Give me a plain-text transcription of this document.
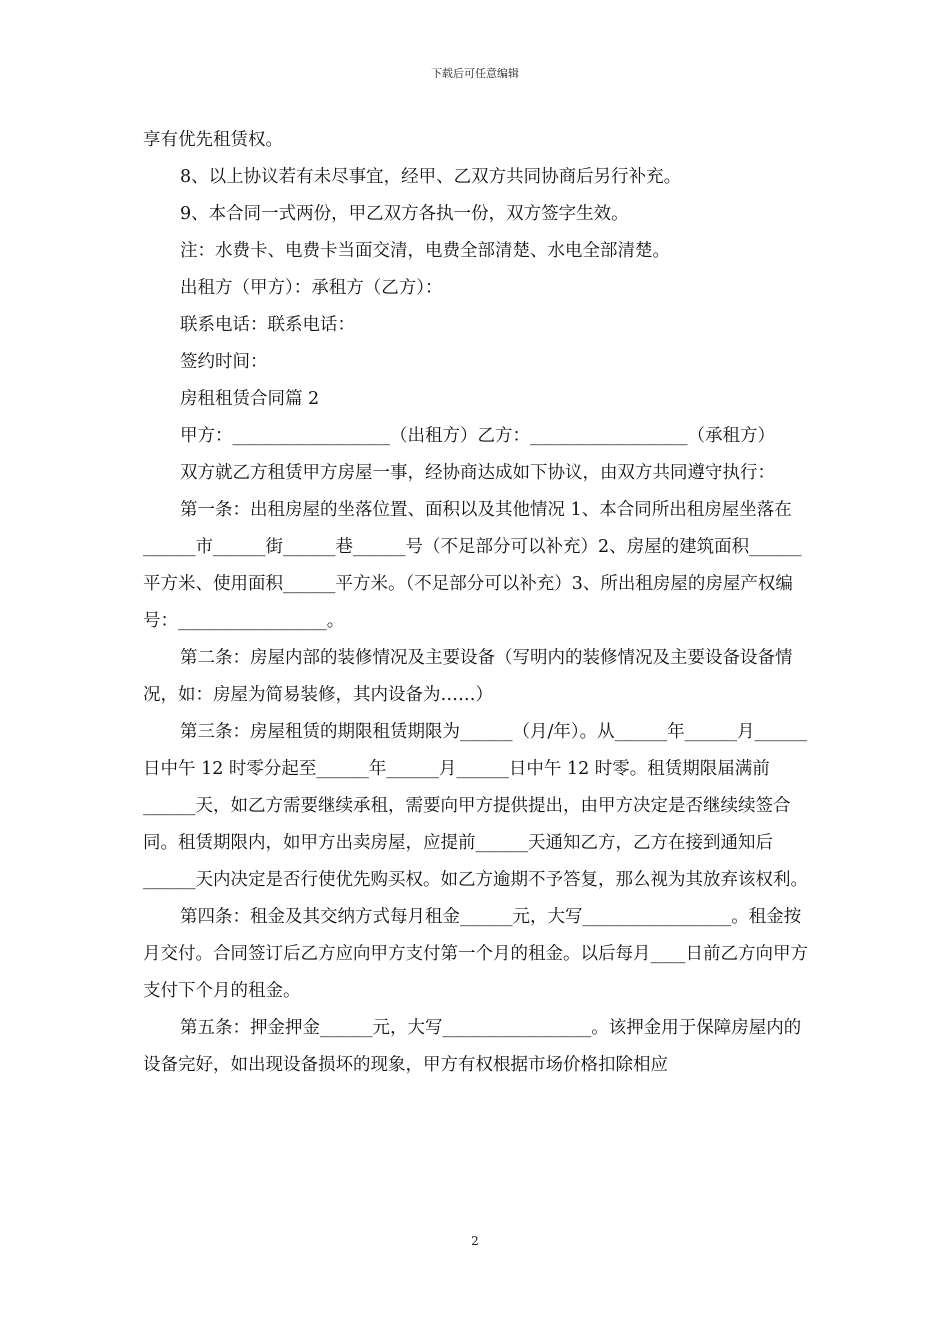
下载后可任意编辑
享有优先租赁权。
8、以上协议若有未尽事宜，经甲、乙双方共同协商后另行补充。
9、本合同一式两份，甲乙双方各执一份，双方签字生效。
注：水费卡、电费卡当面交清，电费全部清楚、水电全部清楚。
出租方（甲方）：承租方（乙方）：
联系电话：联系电话：
签约时间：
房租租赁合同篇 2

甲方：__________________（出租方）乙方：__________________（承租方）

双方就乙方租赁甲方房屋一事，经协商达成如下协议，由双方共同遵守执行：

第一条：出租房屋的坐落位置、面积以及其他情况 1、本合同所出租房屋坐落在______市______街______巷______号（不足部分可以补充）2、房屋的建筑面积______平方米、使用面积______平方米。（不足部分可以补充）3、所出租房屋的房屋产权编号：_________________。

第二条：房屋内部的装修情况及主要设备（写明内的装修情况及主要设备设备情况，如：房屋为简易装修，其内设备为……）

第三条：房屋租赁的期限租赁期限为______（月/年）。从______年______月______日中午 12 时零分起至______年______月______日中午 12 时零。租赁期限届满前______天，如乙方需要继续承租，需要向甲方提供提出，由甲方决定是否继续续签合同。租赁期限内，如甲方出卖房屋，应提前______天通知乙方，乙方在接到通知后______天内决定是否行使优先购买权。如乙方逾期不予答复，那么视为其放弃该权利。

第四条：租金及其交纳方式每月租金______元，大写_________________。租金按月交付。合同签订后乙方应向甲方支付第一个月的租金。以后每月____日前乙方向甲方支付下个月的租金。

第五条：押金押金______元，大写_________________。该押金用于保障房屋内的设备完好，如出现设备损坏的现象，甲方有权根据市场价格扣除相应

2
